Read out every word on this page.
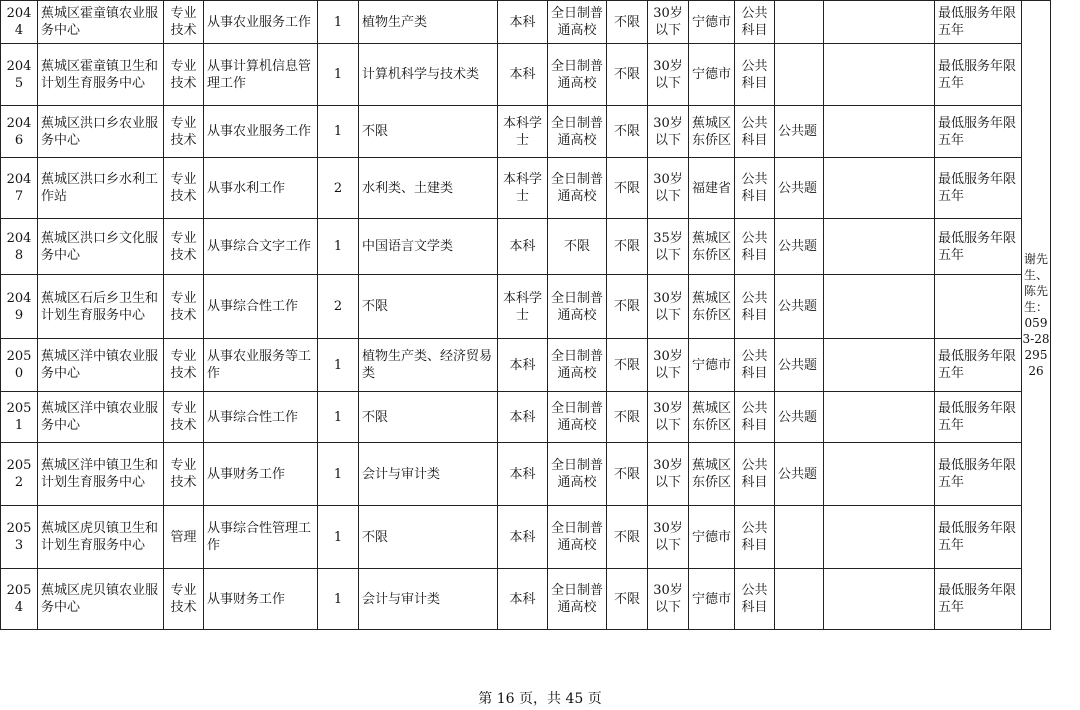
2044	蕉城区霍童镇农业服务中心	专业技术	从事农业服务工作	1	植物生产类	本科	全日制普通高校	不限	30岁以下	宁德市	公共科目			最低服务年限五年	谢先生、陈先生：0593-2829526
2045	蕉城区霍童镇卫生和计划生育服务中心	专业技术	从事计算机信息管理工作	1	计算机科学与技术类	本科	全日制普通高校	不限	30岁以下	宁德市	公共科目			最低服务年限五年	
2046	蕉城区洪口乡农业服务中心	专业技术	从事农业服务工作	1	不限	本科学士	全日制普通高校	不限	30岁以下	蕉城区东侨区	公共科目	公共题		最低服务年限五年	
2047	蕉城区洪口乡水利工作站	专业技术	从事水利工作	2	水利类、土建类	本科学士	全日制普通高校	不限	30岁以下	福建省	公共科目	公共题		最低服务年限五年	
2048	蕉城区洪口乡文化服务中心	专业技术	从事综合文字工作	1	中国语言文学类	本科	不限	不限	35岁以下	蕉城区东侨区	公共科目	公共题		最低服务年限五年	
2049	蕉城区石后乡卫生和计划生育服务中心	专业技术	从事综合性工作	2	不限	本科学士	全日制普通高校	不限	30岁以下	蕉城区东侨区	公共科目	公共题			
2050	蕉城区洋中镇农业服务中心	专业技术	从事农业服务等工作	1	植物生产类、经济贸易类	本科	全日制普通高校	不限	30岁以下	宁德市	公共科目	公共题		最低服务年限五年	
2051	蕉城区洋中镇农业服务中心	专业技术	从事综合性工作	1	不限	本科	全日制普通高校	不限	30岁以下	蕉城区东侨区	公共科目	公共题		最低服务年限五年	
2052	蕉城区洋中镇卫生和计划生育服务中心	专业技术	从事财务工作	1	会计与审计类	本科	全日制普通高校	不限	30岁以下	蕉城区东侨区	公共科目	公共题		最低服务年限五年	
2053	蕉城区虎贝镇卫生和计划生育服务中心	管理	从事综合性管理工作	1	不限	本科	全日制普通高校	不限	30岁以下	宁德市	公共科目			最低服务年限五年	
2054	蕉城区虎贝镇农业服务中心	专业技术	从事财务工作	1	会计与审计类	本科	全日制普通高校	不限	30岁以下	宁德市	公共科目			最低服务年限五年	
第 16 页，共 45 页
